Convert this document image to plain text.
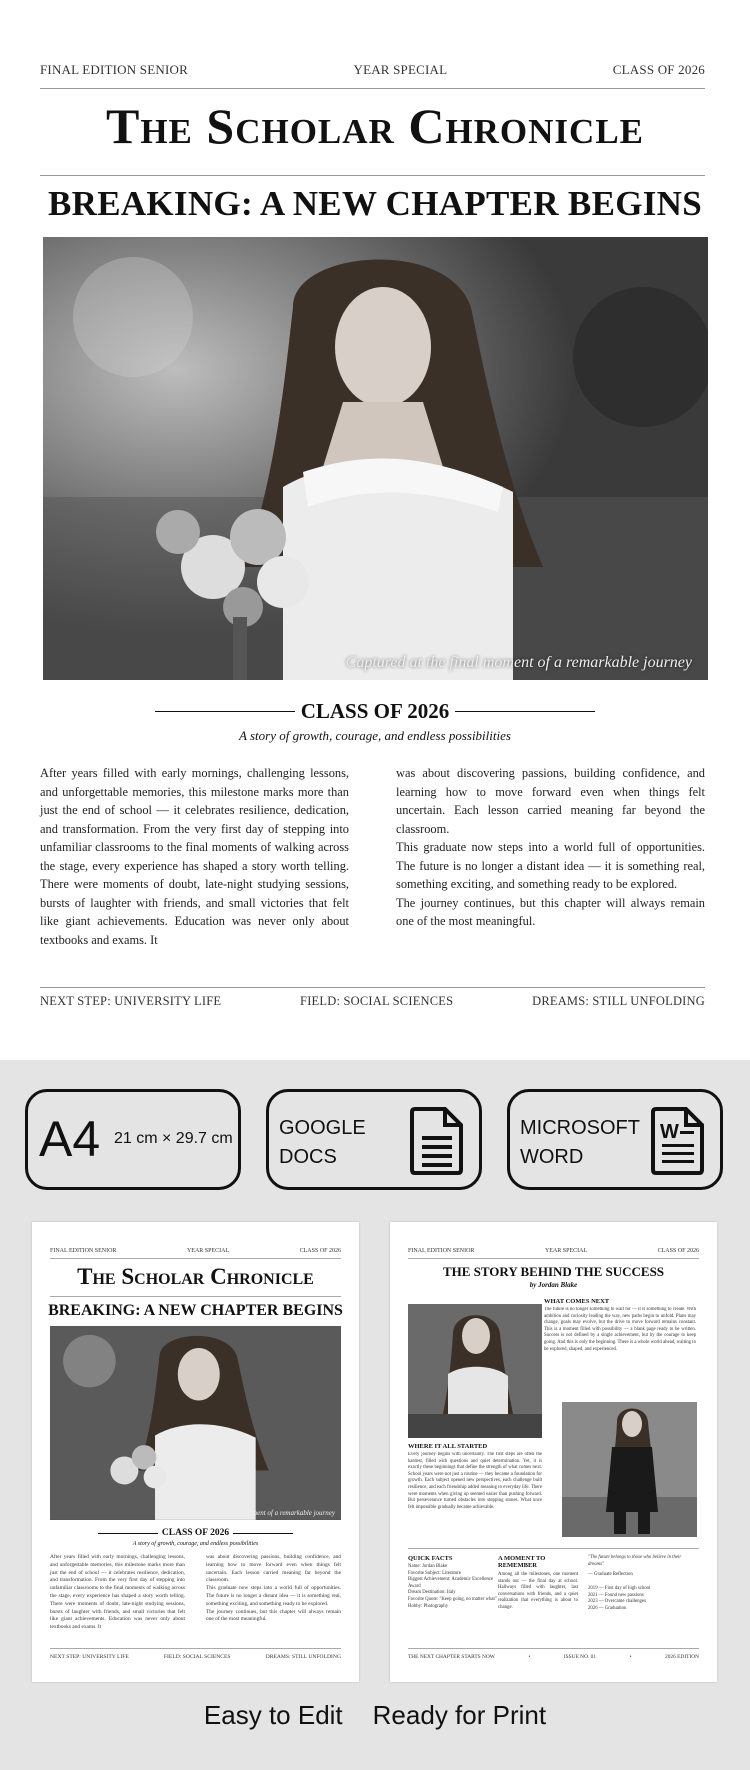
FINAL EDITION SENIOR	YEAR SPECIAL	CLASS OF 2026
The Scholar Chronicle
BREAKING: A NEW CHAPTER BEGINS
Captured at the final moment of a remarkable journey
CLASS OF 2026
A story of growth, courage, and endless possibilities

After years filled with early mornings, challenging lessons, and unforgettable memories, this milestone marks more than just the end of school — it celebrates resilience, dedication, and transformation. From the very first day of stepping into unfamiliar classrooms to the final moments of walking across the stage, every experience has shaped a story worth telling. There were moments of doubt, late-night studying sessions, bursts of laughter with friends, and small victories that felt like giant achievements. Education was never only about textbooks and exams. It

was about discovering passions, building confidence, and learning how to move forward even when things felt uncertain. Each lesson carried meaning far beyond the classroom.

This graduate now steps into a world full of opportunities. The future is no longer a distant idea — it is something real, something exciting, and something ready to be explored.

The journey continues, but this chapter will always remain one of the most meaningful.

NEXT STEP: UNIVERSITY LIFE	FIELD: SOCIAL SCIENCES	DREAMS: STILL UNFOLDING
A4 21 cm × 29.7 cm GOOGLE
DOCS
MICROSOFT
WORD
W
FINAL EDITION SENIOR	YEAR SPECIAL	CLASS OF 2026
The Scholar Chronicle
BREAKING: A NEW CHAPTER BEGINS
Captured at the final moment of a remarkable journey
CLASS OF 2026
A story of growth, courage, and endless possibilities
After years filled with early mornings, challenging lessons, and unforgettable memories, this milestone marks more than just the end of school — it celebrates resilience, dedication, and transformation. From the very first day of stepping into unfamiliar classrooms to the final moments of walking across the stage, every experience has shaped a story worth telling. There were moments of doubt, late-night studying sessions, bursts of laughter with friends, and small victories that felt like giant achievements. Education was never only about textbooks and exams. It
was about discovering passions, building confidence, and learning how to move forward even when things felt uncertain. Each lesson carried meaning far beyond the classroom.
This graduate now steps into a world full of opportunities. The future is no longer a distant idea — it is something real, something exciting, and something ready to be explored.
The journey continues, but this chapter will always remain one of the most meaningful.
NEXT STEP: UNIVERSITY LIFE	FIELD: SOCIAL SCIENCES	DREAMS: STILL UNFOLDING
FINAL EDITION SENIOR	YEAR SPECIAL	CLASS OF 2026
THE STORY BEHIND THE SUCCESS
by Jordan Blake
WHAT COMES NEXT
The future is no longer something to wait for — it is something to create. With ambition and curiosity leading the way, new paths begin to unfold. Plans may change, goals may evolve, but the drive to move forward remains constant. This is a moment filled with possibility — a blank page ready to be written. Success is not defined by a single achievement, but by the courage to keep going. And this is only the beginning. There is a whole world ahead, waiting to be explored, shaped, and experienced.
WHERE IT ALL STARTED
Every journey begins with uncertainty. The first steps are often the hardest, filled with questions and quiet determination. Yet, it is exactly these beginnings that define the strength of what comes next. School years were not just a routine — they became a foundation for growth. Each subject opened new perspectives, each challenge built resilience, and each friendship added meaning to everyday life. There were moments when giving up seemed easier than pushing forward. But perseverance turned obstacles into stepping stones. What once felt impossible gradually became achievable.
QUICK FACTS
Name: Jordan Blake
Favorite Subject: Literature
Biggest Achievement: Academic Excellence Award
Dream Destination: Italy
Favorite Quote: "Keep going, no matter what"
Hobby: Photography
A MOMENT TO REMEMBER
Among all the milestones, one moment stands out — the final day at school. Hallways filled with laughter, last conversations with friends, and a quiet realization that everything is about to change.
"The future belongs to those who believe in their dreams"
— Graduate Reflection
2019 — First day of high school
2021 — Found new passions
2023 — Overcame challenges
2026 — Graduation
THE NEXT CHAPTER STARTS NOW	•	ISSUE NO. 01	•	2026 EDITION
Easy to Edit Ready for Print
